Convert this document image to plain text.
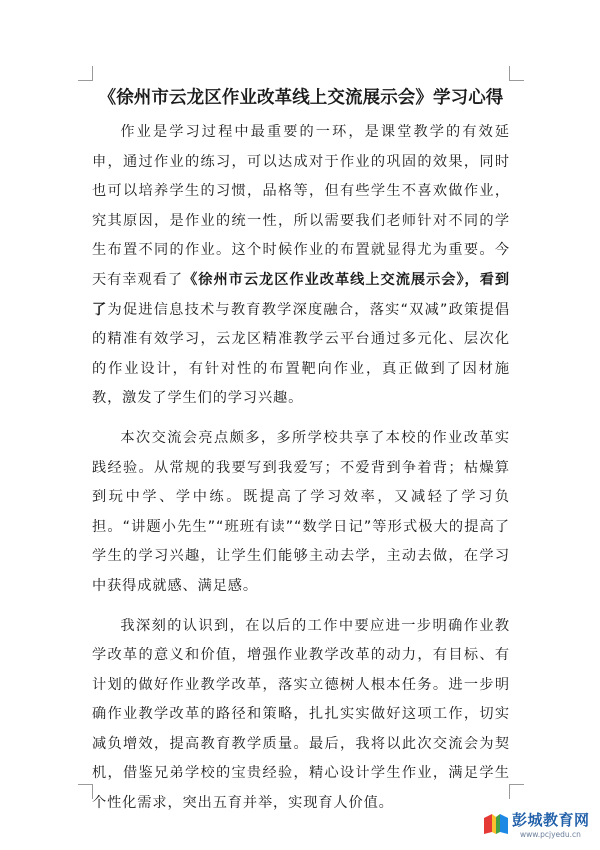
《徐州市云龙区作业改革线上交流展示会》学习心得

作业是学习过程中最重要的一环，是课堂教学的有效延申，通过作业的练习，可以达成对于作业的巩固的效果，同时也可以培养学生的习惯，品格等，但有些学生不喜欢做作业，究其原因，是作业的统一性，所以需要我们老师针对不同的学生布置不同的作业。这个时候作业的布置就显得尤为重要。今天有幸观看了《徐州市云龙区作业改革线上交流展示会》，看到了为促进信息技术与教育教学深度融合，落实“双减”政策提倡的精准有效学习，云龙区精准教学云平台通过多元化、层次化的作业设计，有针对性的布置靶向作业，真正做到了因材施教，激发了学生们的学习兴趣。

本次交流会亮点颇多，多所学校共享了本校的作业改革实践经验。从常规的我要写到我爱写；不爱背到争着背；枯燥算到玩中学、学中练。既提高了学习效率，又减轻了学习负担。“讲题小先生”“班班有读”“数学日记”等形式极大的提高了学生的学习兴趣，让学生们能够主动去学，主动去做，在学习中获得成就感、满足感。

我深刻的认识到，在以后的工作中要应进一步明确作业教学改革的意义和价值，增强作业教学改革的动力，有目标、有计划的做好作业教学改革，落实立德树人根本任务。进一步明确作业教学改革的路径和策略，扎扎实实做好这项工作，切实减负增效，提高教育教学质量。最后，我将以此次交流会为契机，借鉴兄弟学校的宝贵经验，精心设计学生作业，满足学生个性化需求，突出五育并举，实现育人价值。

彭城教育网
www.pcjyedu.cn
